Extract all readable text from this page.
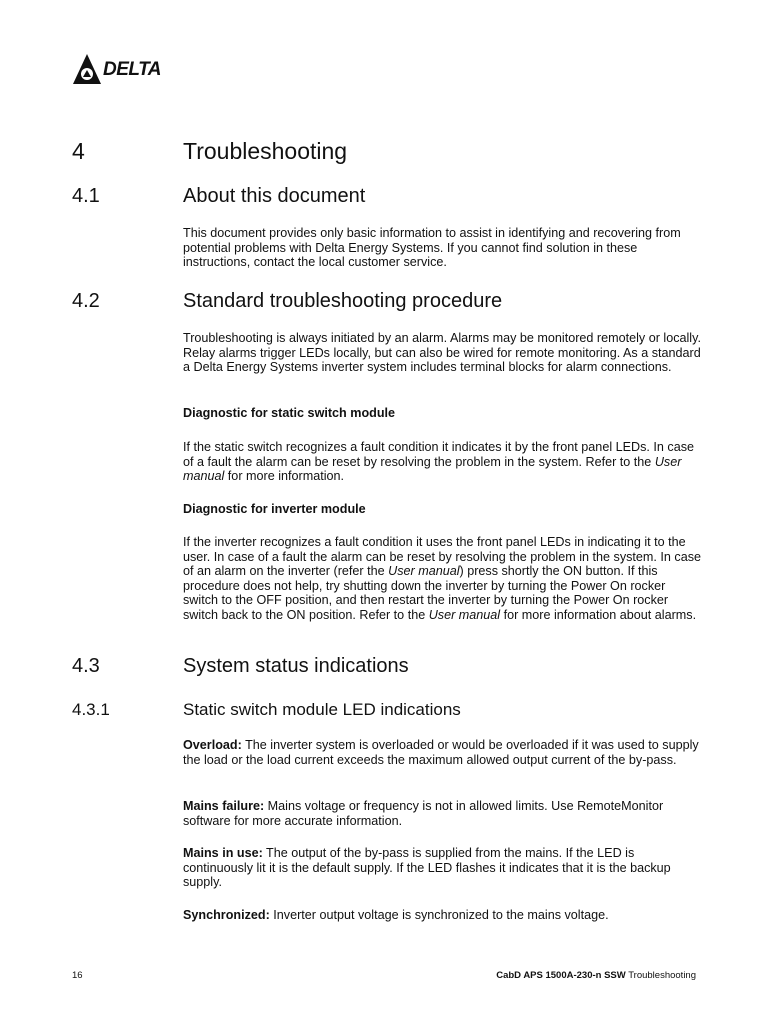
DELTA
4	Troubleshooting
4.1	About this document

This document provides only basic information to assist in identifying and recovering from potential problems with Delta Energy Systems. If you cannot find solution in these instructions, contact the local customer service.

4.2	Standard troubleshooting procedure

Troubleshooting is always initiated by an alarm. Alarms may be monitored remotely or locally. Relay alarms trigger LEDs locally, but can also be wired for remote monitoring. As a standard a Delta Energy Systems inverter system includes terminal blocks for alarm connections.

Diagnostic for static switch module

If the static switch recognizes a fault condition it indicates it by the front panel LEDs. In case of a fault the alarm can be reset by resolving the problem in the system. Refer to the User manual for more information.

Diagnostic for inverter module

If the inverter recognizes a fault condition it uses the front panel LEDs in indicating it to the user. In case of a fault the alarm can be reset by resolving the problem in the system. In case of an alarm on the inverter (refer the User manual) press shortly the ON button. If this procedure does not help, try shutting down the inverter by turning the Power On rocker switch to the OFF position, and then restart the inverter by turning the Power On rocker switch back to the ON position. Refer to the User manual for more information about alarms.

4.3	System status indications
4.3.1	Static switch module LED indications

Overload: The inverter system is overloaded or would be overloaded if it was used to supply the load or the load current exceeds the maximum allowed output current of the by-pass.

Mains failure: Mains voltage or frequency is not in allowed limits. Use RemoteMonitor software for more accurate information.

Mains in use: The output of the by-pass is supplied from the mains. If the LED is continuously lit it is the default supply. If the LED flashes it indicates that it is the backup supply.

Synchronized: Inverter output voltage is synchronized to the mains voltage.

16	CabD APS 1500A-230-n SSW Troubleshooting
